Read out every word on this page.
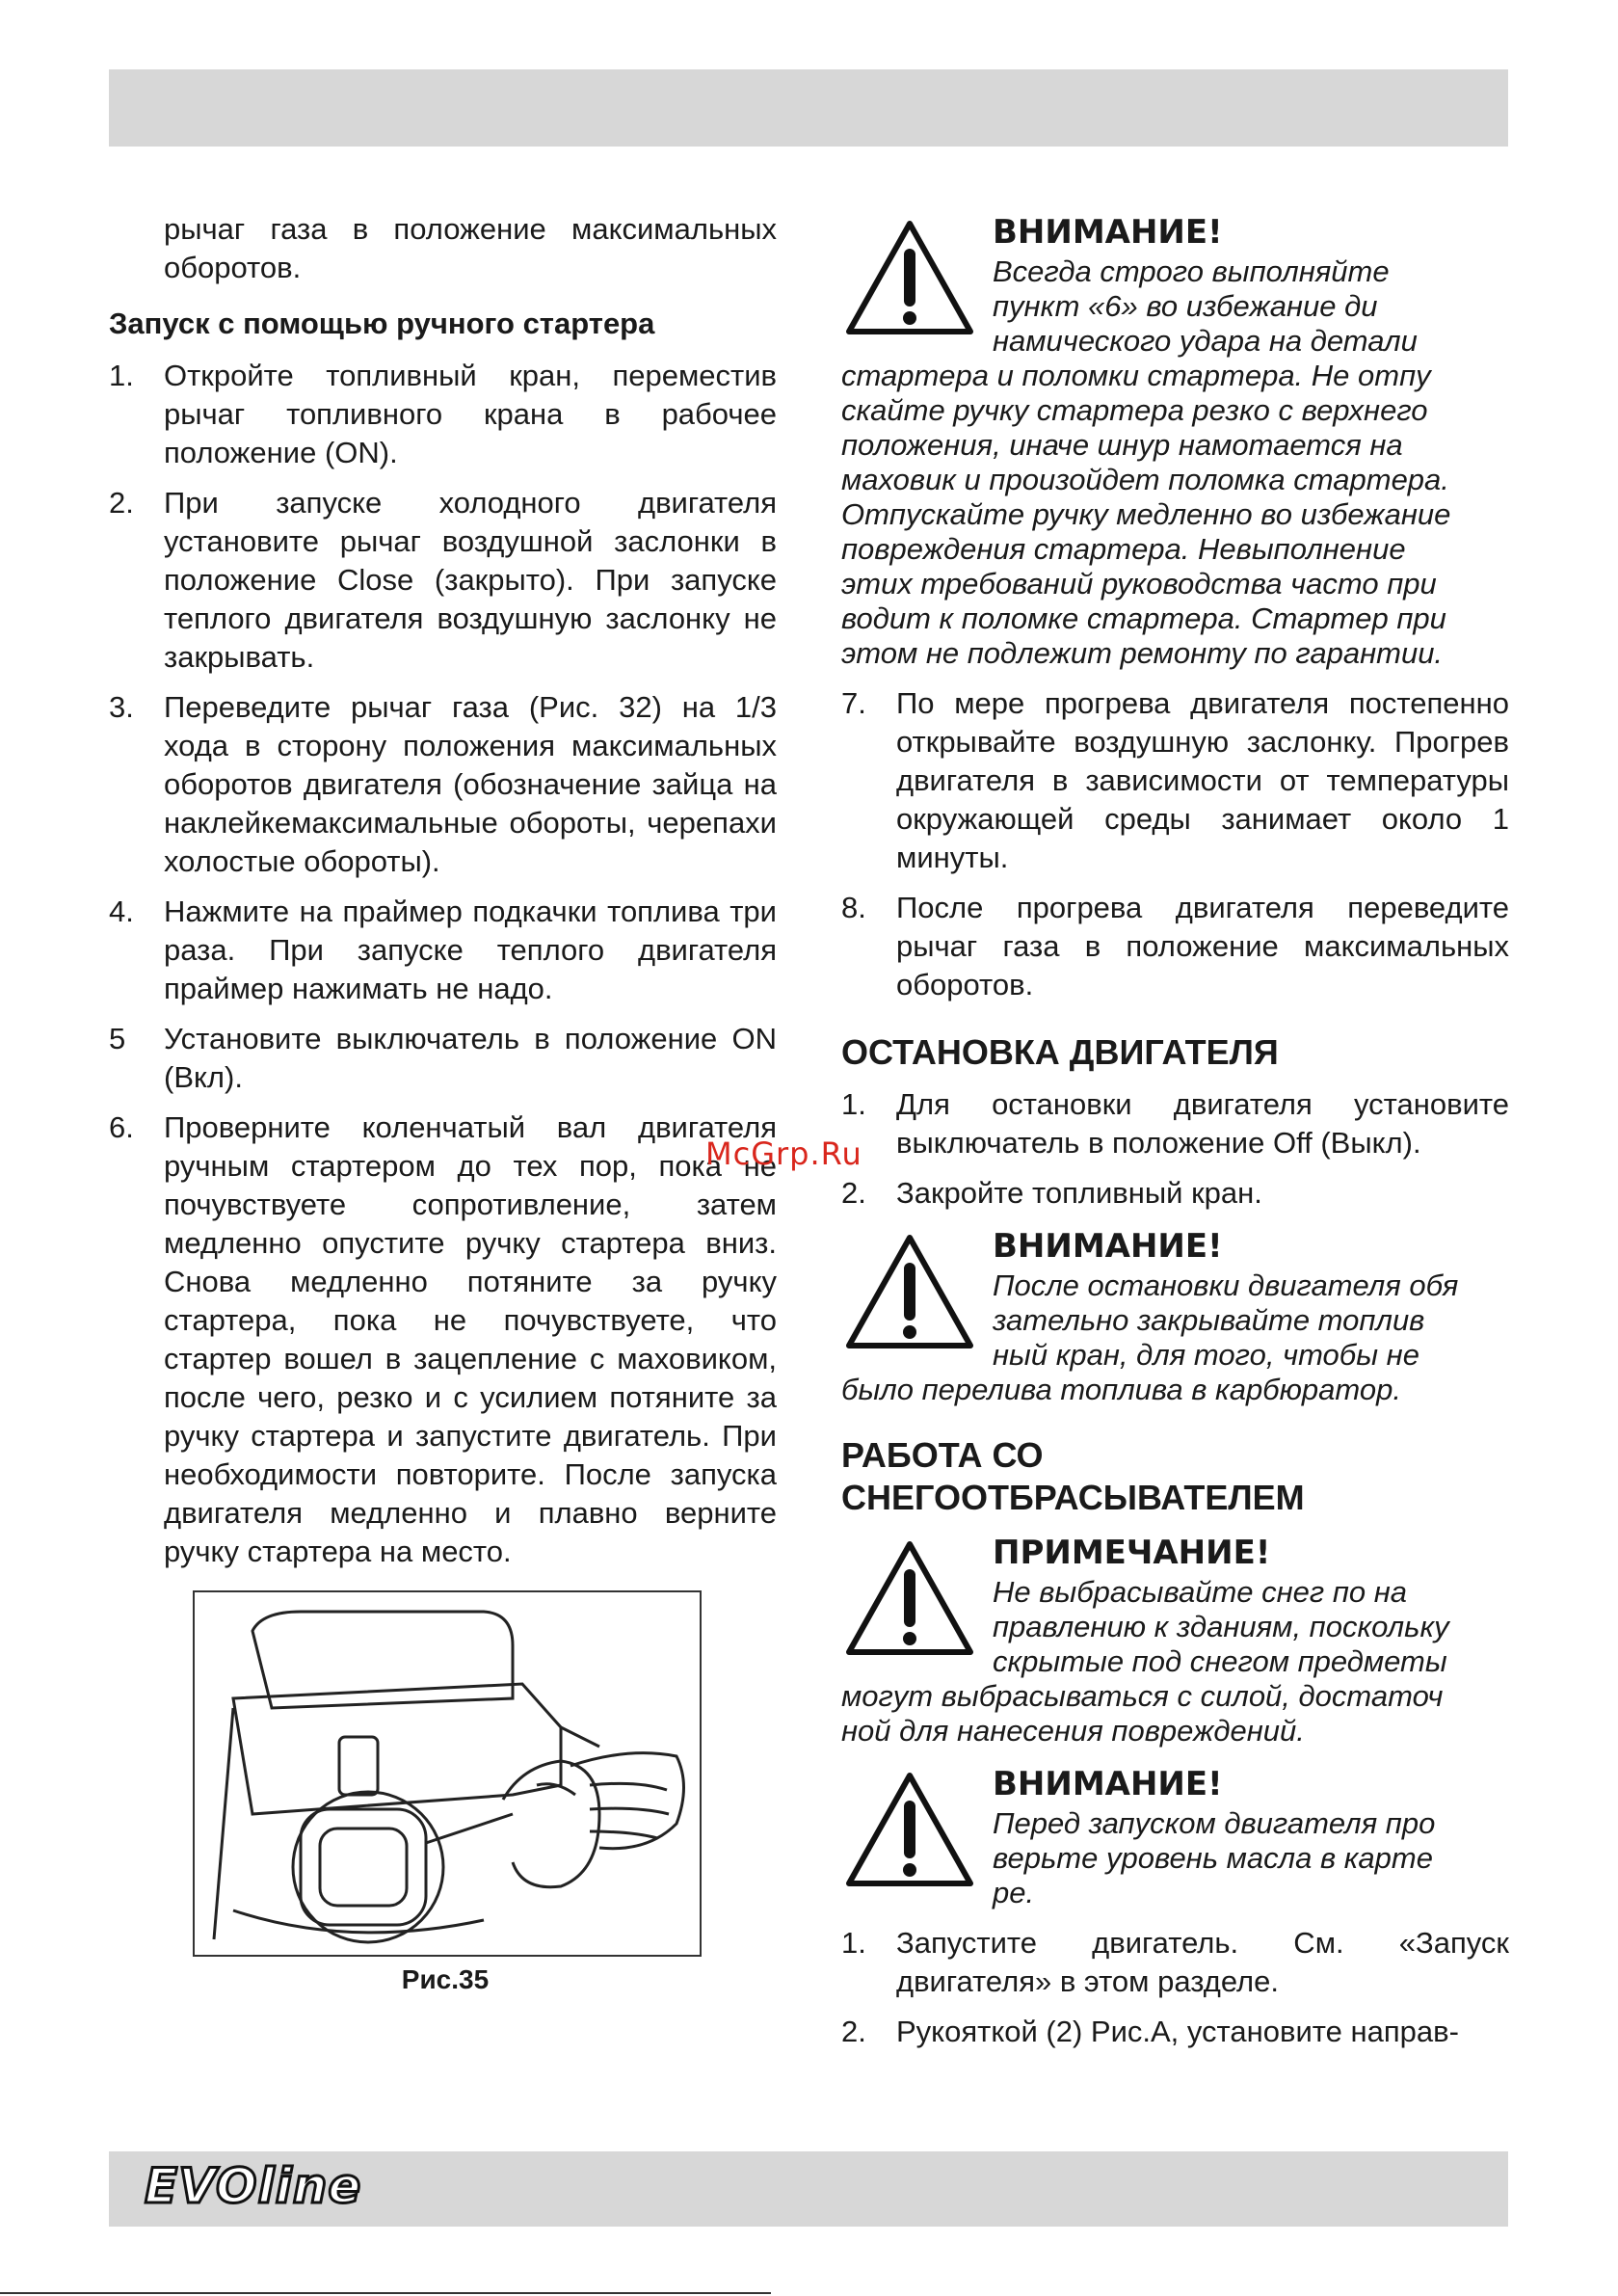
рычаг газа в положение максимальных оборотов.
Запуск с помощью ручного стартера
1.	Откройте топливный кран, переместив рычаг топливного крана в рабочее положение (ON).
2.	При запуске холодного двигателя установите рычаг воздушной заслонки в положение Close (закрыто). При запуске теплого двигателя воздушную заслонку не закрывать.
3.	Переведите рычаг газа (Рис. 32) на 1/3 хода в сторону положения максимальных оборотов двигателя (обозначение зайца на наклейкемаксимальные обороты, черепахи холостые обороты).
4.	Нажмите на праймер подкачки топлива три раза. При запуске теплого двигателя праймер нажимать не надо.
5	Установите выключатель в положение ON (Вкл).
6.	Проверните коленчатый вал двигателя ручным стартером до тех пор, пока не почувствуете сопротивление, затем медленно опустите ручку стартера вниз. Снова медленно потяните за ручку стартера, пока не почувствуете, что стартер вошел в зацепление с маховиком, после чего, резко и с усилием потяните за ручку стартера и запустите двигатель. При необходимости повторите. После запуска двигателя медленно и плавно верните ручку стартера на место.
Рис.35
ВНИМАНИЕ!
Всегда строго выполняйте
пункт «6» во избежание ди
намического удара на детали
стартера и поломки стартера. Не отпу
скайте ручку стартера резко с верхнего
положения, иначе шнур намотается на
маховик и произойдет поломка стартера.
Отпускайте ручку медленно во избежание
повреждения стартера. Невыполнение
этих требований руководства часто при
водит к поломке стартера. Стартер при
этом не подлежит ремонту по гарантии.
7.	По мере прогрева двигателя постепенно открывайте воздушную заслонку. Прогрев двигателя в зависимости от температуры окружающей среды занимает около 1 минуты.
8.	После прогрева двигателя переведите рычаг газа в положение максимальных оборотов.
ОСТАНОВКА ДВИГАТЕЛЯ
1.	Для остановки двигателя установите выключатель в положение Off (Выкл).
2.	Закройте топливный кран.
ВНИМАНИЕ!
После остановки двигателя обя
зательно закрывайте топлив
ный кран, для того, чтобы не
было перелива топлива в карбюратор.
РАБОТА СО
СНЕГООТБРАСЫВАТЕЛЕМ
ПРИМЕЧАНИЕ!
Не выбрасывайте снег по на
правлению к зданиям, поскольку
скрытые под снегом предметы
могут выбрасываться с силой, достаточ
ной для нанесения повреждений.
ВНИМАНИЕ!
Перед запуском двигателя про
верьте уровень масла в карте
ре.
1.	Запустите двигатель. См. «Запуск двигателя» в этом разделе.
2.	Рукояткой (2) Рис.А, установите направ-
McGrp.Ru
EVOline
